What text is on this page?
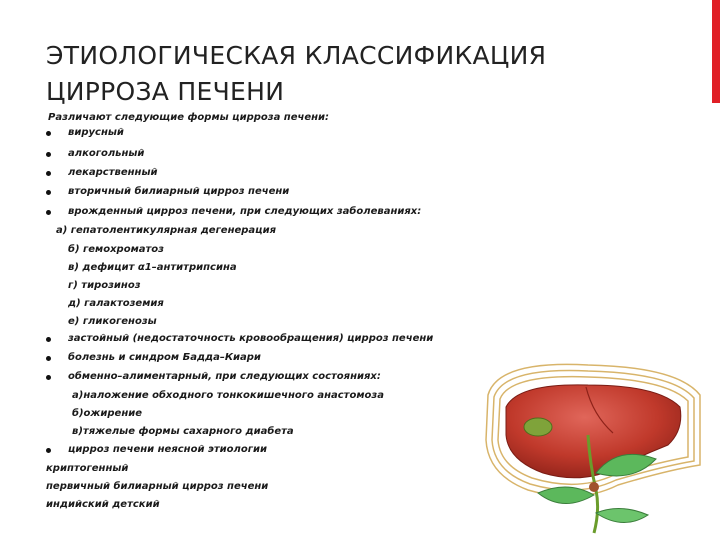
ЭТИОЛОГИЧЕСКАЯ КЛАССИФИКАЦИЯ
ЦИРРОЗА ПЕЧЕНИ
Различают следующие формы цирроза печени:
вирусный
алкогольный
лекарственный
вторичный билиарный цирроз печени
врожденный цирроз печени, при следующих заболеваниях:
а) гепатолентикулярная дегенерация
б) гемохроматоз
в) дефицит α1–антитрипсина
г) тирозиноз
д) галактоземия
е) гликогенозы
застойный (недостаточность кровообращения) цирроз печени
болезнь и синдром Бадда–Киари
обменно–алиментарный, при следующих состояниях:
а)наложение обходного тонкокишечного анастомоза
б)ожирение
в)тяжелые формы сахарного диабета
цирроз печени неясной этиологии
криптогенный
первичный билиарный цирроз печени
индийский детский
